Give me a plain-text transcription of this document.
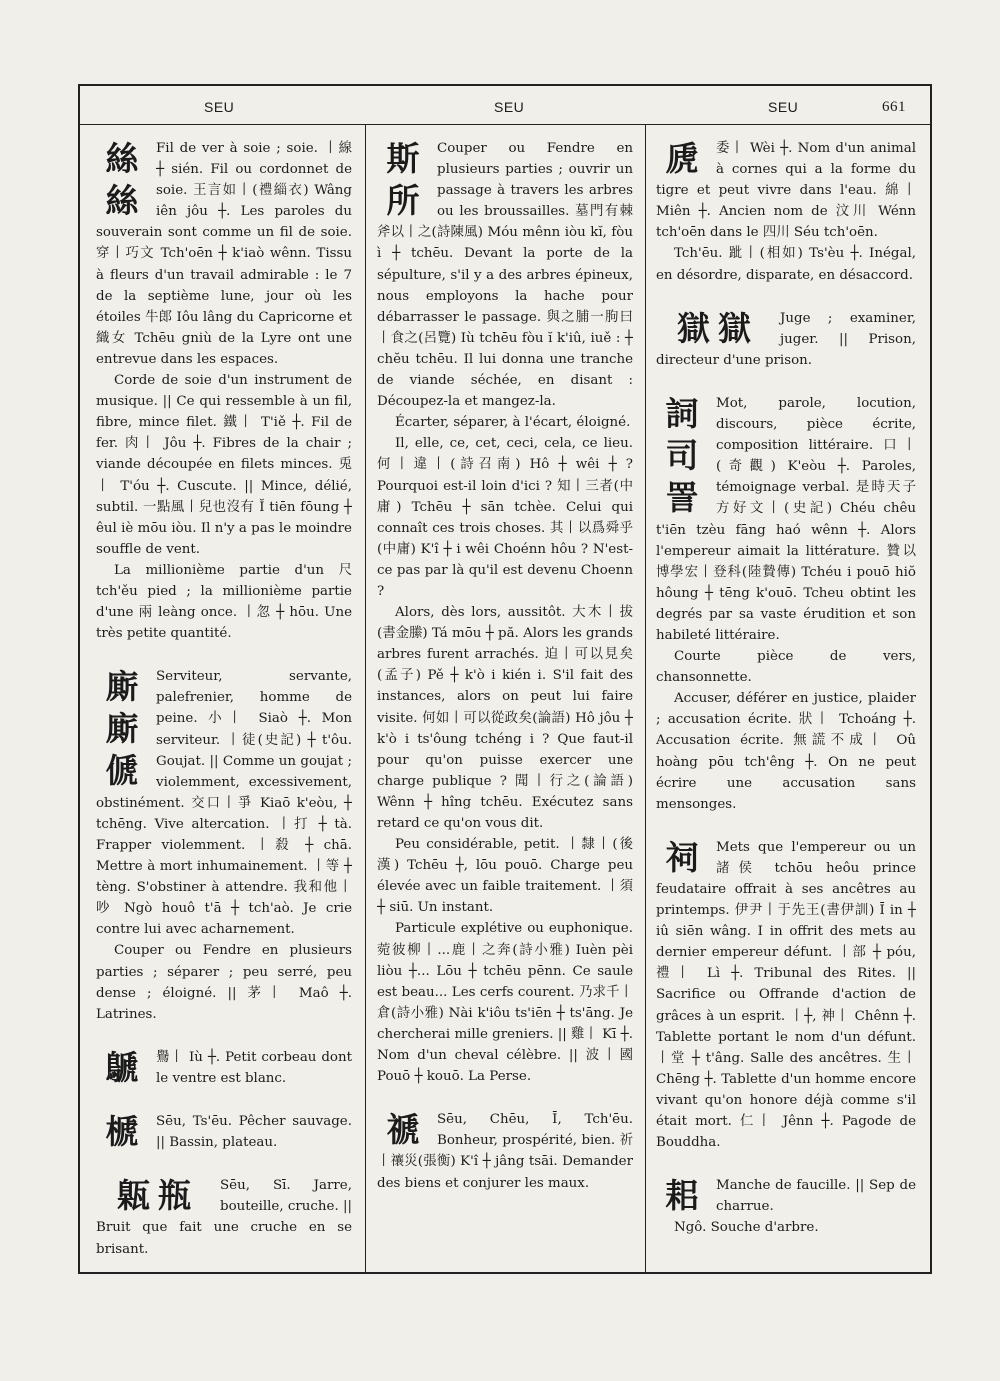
SEU	SEU	SEU	661
絲
絲

Fil de ver à soie ; soie. 丨線 ┼ sién. Fil ou cordonnet de soie. 王言如丨(禮緇衣) Wâng iên jôu ┼. Les paroles du souverain sont comme un fil de soie. 穿丨巧文 Tch'oēn ┼ k'iaò wênn. Tissu à fleurs d'un travail admirable : le 7 de la septième lune, jour où les étoiles 牛郎 Iôu lâng du Capricorne et 織女 Tchēu gniù de la Lyre ont une entrevue dans les espaces.

Corde de soie d'un instrument de musique. || Ce qui ressemble à un fil, fibre, mince filet. 鐵丨 T'iě ┼. Fil de fer. 肉丨 Jôu ┼. Fibres de la chair ; viande découpée en filets minces. 兎丨 T'óu ┼. Cuscute. || Mince, délié, subtil. 一點風丨兒也沒有 Ĭ tiēn fōung ┼ êul iè mōu iòu. Il n'y a pas le moindre souffle de vent.

La millionième partie d'un 尺 tch'ěu pied ; la millionième partie d'une 兩 leàng once. 丨忽 ┼ hōu. Une très petite quantité.

廝
廝
傂

Serviteur, servante, palefrenier, homme de peine. 小丨 Siaò ┼. Mon serviteur. 丨徒(史記) ┼ t'ôu. Goujat. || Comme un goujat ; violemment, excessivement, obstinément. 交口丨爭 Kiaō k'eòu, ┼ tchēng. Vive altercation. 丨打 ┼ tà. Frapper violemment. 丨殺 ┼ chā. Mettre à mort inhumainement. 丨等 ┼ tèng. S'obstiner à attendre. 我和他丨吵 Ngò houô t'ā ┼ tch'aò. Je crie contre lui avec acharnement.

Couper ou Fendre en plusieurs parties ; séparer ; peu serré, peu dense ; éloigné. || 茅丨 Maô ┼. Latrines.

鷈	鸒丨 Iù ┼. Petit corbeau dont le ventre est blanc.

榹	Sēu, Ts'ēu. Pêcher sauvage. || Bassin, plateau.

甈 瓶	Sēu, Sī. Jarre, bouteille, cruche. || Bruit que fait une cruche en se brisant.

斯
所

Couper ou Fendre en plusieurs parties ; ouvrir un passage à travers les arbres ou les broussailles. 墓門有棘斧以丨之(詩陳風) Móu mênn iòu kĭ, fòu ì ┼ tchēu. Devant la porte de la sépulture, s'il y a des arbres épineux, nous employons la hache pour débarrasser le passage. 與之脯一朐曰丨食之(呂覽) Iù tchēu fòu ĭ k'iû, iuě : ┼ chĕu tchēu. Il lui donna une tranche de viande séchée, en disant : Découpez-la et mangez-la.

Écarter, séparer, à l'écart, éloigné.

Il, elle, ce, cet, ceci, cela, ce lieu. 何丨違丨(詩召南) Hô ┼ wêi ┼ ? Pourquoi est-il loin d'ici ? 知丨三者(中庸) Tchēu ┼ sān tchèe. Celui qui connaît ces trois choses. 其丨以爲舜乎(中庸) K'î ┼ i wêi Choénn hôu ? N'est-ce pas par là qu'il est devenu Choenn ?

Alors, dès lors, aussitôt. 大木丨拔(書金縢) Tá mōu ┼ pă. Alors les grands arbres furent arrachés. 迫丨可以見矣(孟子) Pě ┼ k'ò i kién i. S'il fait des instances, alors on peut lui faire visite. 何如丨可以從政矣(論語) Hô jôu ┼ k'ò i ts'ôung tchéng i ? Que faut-il pour qu'on puisse exercer une charge publique ? 聞丨行之(論語) Wênn ┼ hîng tchēu. Exécutez sans retard ce qu'on vous dit.

Peu considérable, petit. 丨隸丨(後漢) Tchēu ┼, lōu pouō. Charge peu élevée avec un faible traitement. 丨須 ┼ siū. Un instant.

Particule explétive ou euphonique. 菀彼柳丨...鹿丨之奔(詩小雅) Iuèn pèi liòu ┼... Lōu ┼ tchēu pēnn. Ce saule est beau... Les cerfs courent. 乃求千丨倉(詩小雅) Nài k'iôu ts'iēn ┼ ts'āng. Je chercherai mille greniers. || 雞丨 Kī ┼. Nom d'un cheval célèbre. || 波丨國 Pouō ┼ kouō. La Perse.

禠	Sēu, Chēu, Ī, Tch'ēu. Bonheur, prospérité, bien. 祈丨禳災(張衡) K'î ┼ jâng tsāi. Demander des biens et conjurer les maux.

虒	委丨 Wèi ┼. Nom d'un animal à cornes qui a la forme du tigre et peut vivre dans l'eau. 綿丨 Miên ┼. Ancien nom de 汶川 Wénn tch'oēn dans le 四川 Séu tch'oēn.

Tch'ēu. 跐丨(相如) Ts'èu ┼. Inégal, en désordre, disparate, en désaccord.

獄 獄	Juge ; examiner, juger. || Prison, directeur d'une prison.

詞
司
詈

Mot, parole, locution, discours, pièce écrite, composition littéraire. 口丨(奇觀) K'eòu ┼. Paroles, témoignage verbal. 是時天子方好文丨(史記) Chéu chêu t'iēn tzèu fāng haó wênn ┼. Alors l'empereur aimait la littérature. 贊以博學宏丨登科(陸贄傳) Tchéu i pouō hiŏ hôung ┼ tēng k'ouō. Tcheu obtint les degrés par sa vaste érudition et son habileté littéraire.

Courte pièce de vers, chansonnette.

Accuser, déférer en justice, plaider ; accusation écrite. 狀丨 Tchoáng ┼. Accusation écrite. 無謊不成丨 Oû hoàng pōu tch'êng ┼. On ne peut écrire une accusation sans mensonges.

祠	Mets que l'empereur ou un 諸侯 tchōu heôu prince feudataire offrait à ses ancêtres au printemps. 伊尹丨于先王(書伊訓) Ī in ┼ iû siēn wâng. I in offrit des mets au dernier empereur défunt. 丨部 ┼ póu, 禮丨 Lì ┼. Tribunal des Rites. || Sacrifice ou Offrande d'action de grâces à un esprit. 丨┼, 神丨 Chênn ┼. Tablette portant le nom d'un défunt. 丨堂 ┼ t'âng. Salle des ancêtres. 生丨 Chēng ┼. Tablette d'un homme encore vivant qu'on honore déjà comme s'il était mort. 仁丨 Jênn ┼. Pagode de Bouddha.

耜	Manche de faucille. || Sep de charrue.

Ngô. Souche d'arbre.
